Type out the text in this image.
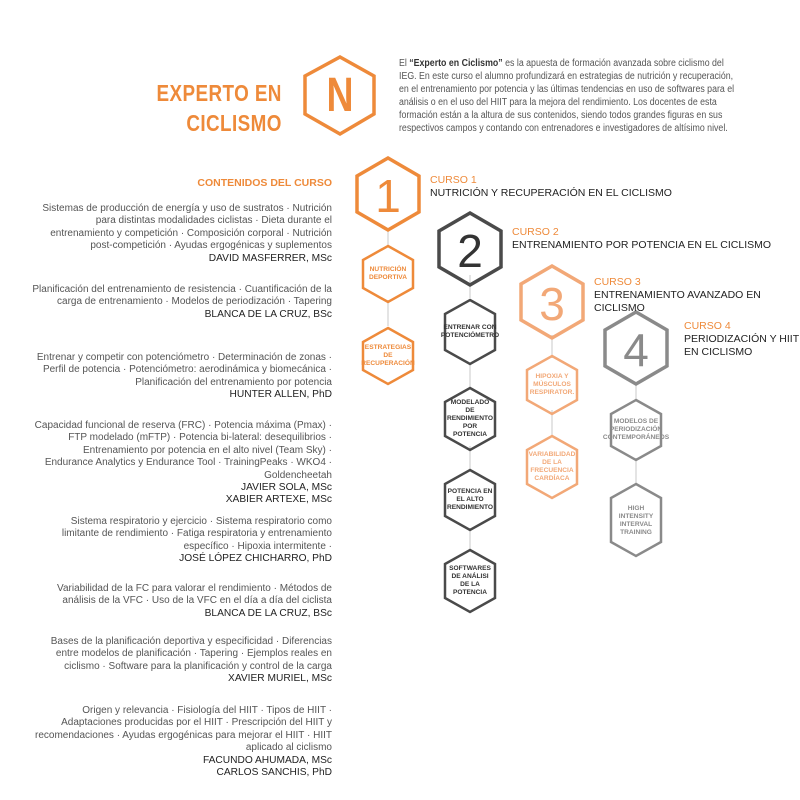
N
1
2
3
4
EXPERTO EN
CICLISMO
El “Experto en Ciclismo” es la apuesta de formación avanzada sobre ciclismo del IEG. En este curso el alumno profundizará en estrategias de nutrición y recuperación, en el entrenamiento por potencia y las últimas tendencias en uso de softwares para el análisis o en el uso del HIIT para la mejora del rendimiento. Los docentes de esta formación están a la altura de sus contenidos, siendo todos grandes figuras en sus respectivos campos y contando con entrenadores e investigadores de altísimo nivel.
CONTENIDOS DEL CURSO
Sistemas de producción de energía y uso de sustratos · Nutrición para distintas modalidades ciclistas · Dieta durante el entrenamiento y competición · Composición corporal · Nutrición post-competición · Ayudas ergogénicas y suplementos
DAVID MASFERRER, MSc
Planificación del entrenamiento de resistencia · Cuantificación de la carga de entrenamiento · Modelos de periodización · Tapering
BLANCA DE LA CRUZ, BSc
Entrenar y competir con potenciómetro · Determinación de zonas · Perfil de potencia · Potenciómetro: aerodinámica y biomecánica · Planificación del entrenamiento por potencia
HUNTER ALLEN, PhD
Capacidad funcional de reserva (FRC) · Potencia máxima (Pmax) · FTP modelado (mFTP) · Potencia bi-lateral: desequilibrios · Entrenamiento por potencia en el alto nivel (Team Sky) · Endurance Analytics y Endurance Tool · TrainingPeaks · WKO4 · Goldencheetah
JAVIER SOLA, MSc
XABIER ARTEXE, MSc
Sistema respiratorio y ejercicio · Sistema respiratorio como limitante de rendimiento · Fatiga respiratoria y entrenamiento específico · Hipoxia intermitente ·
JOSÉ LÓPEZ CHICHARRO, PhD
Variabilidad de la FC para valorar el rendimiento · Métodos de análisis de la VFC · Uso de la VFC en el día a día del ciclista
BLANCA DE LA CRUZ, BSc
Bases de la planificación deportiva y especificidad · Diferencias entre modelos de planificación · Tapering · Ejemplos reales en ciclismo · Software para la planificación y control de la carga
XAVIER MURIEL, MSc
Origen y relevancia · Fisiología del HIIT · Tipos de HIIT · Adaptaciones producidas por el HIIT · Prescripción del HIIT y recomendaciones · Ayudas ergogénicas para mejorar el HIIT · HIIT aplicado al ciclismo
FACUNDO AHUMADA, MSc
CARLOS SANCHIS, PhD
CURSO 1
NUTRICIÓN Y RECUPERACIÓN EN EL CICLISMO
CURSO 2
ENTRENAMIENTO POR POTENCIA EN EL CICLISMO
CURSO 3
ENTRENAMIENTO AVANZADO EN CICLISMO
CURSO 4
PERIODIZACIÓN Y HIIT
EN CICLISMO
NUTRICIÓN DEPORTIVA
ESTRATEGIAS DE RECUPERACIÓN
ENTRENAR CON POTENCIÓMETRO
MODELADO DE RENDIMIENTO POR POTENCIA
POTENCIA EN EL ALTO RENDIMIENTO
SOFTWARES DE ANÁLISI DE LA POTENCIA
HIPOXIA Y MÚSCULOS RESPIRATOR.
VARIABILIDAD DE LA FRECUENCIA CARDÍACA
MODELOS DE PERIODIZACIÓN CONTEMPORÁNEOS
HIGH INTENSITY INTERVAL TRAINING
